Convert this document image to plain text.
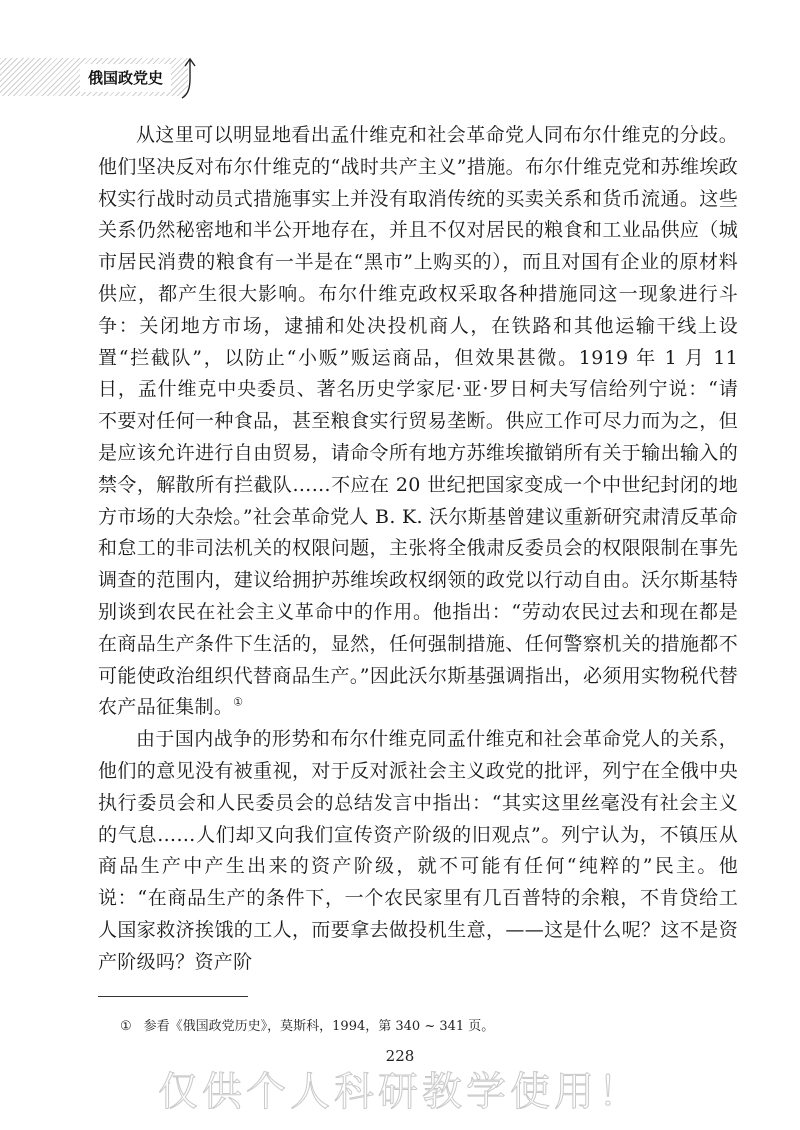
俄国政党史

从这里可以明显地看出孟什维克和社会革命党人同布尔什维克的分歧。他们坚决反对布尔什维克的“战时共产主义”措施。布尔什维克党和苏维埃政权实行战时动员式措施事实上并没有取消传统的买卖关系和货币流通。这些关系仍然秘密地和半公开地存在，并且不仅对居民的粮食和工业品供应（城市居民消费的粮食有一半是在“黑市”上购买的），而且对国有企业的原材料供应，都产生很大影响。布尔什维克政权采取各种措施同这一现象进行斗争：关闭地方市场，逮捕和处决投机商人，在铁路和其他运输干线上设置“拦截队”，以防止“小贩”贩运商品，但效果甚微。1919 年 1 月 11 日，孟什维克中央委员、著名历史学家尼·亚·罗日柯夫写信给列宁说：“请不要对任何一种食品，甚至粮食实行贸易垄断。供应工作可尽力而为之，但是应该允许进行自由贸易，请命令所有地方苏维埃撤销所有关于输出输入的禁令，解散所有拦截队……不应在 20 世纪把国家变成一个中世纪封闭的地方市场的大杂烩。”社会革命党人 B. K. 沃尔斯基曾建议重新研究肃清反革命和怠工的非司法机关的权限问题，主张将全俄肃反委员会的权限限制在事先调查的范围内，建议给拥护苏维埃政权纲领的政党以行动自由。沃尔斯基特别谈到农民在社会主义革命中的作用。他指出：“劳动农民过去和现在都是在商品生产条件下生活的，显然，任何强制措施、任何警察机关的措施都不可能使政治组织代替商品生产。”因此沃尔斯基强调指出，必须用实物税代替农产品征集制。①

由于国内战争的形势和布尔什维克同孟什维克和社会革命党人的关系，他们的意见没有被重视，对于反对派社会主义政党的批评，列宁在全俄中央执行委员会和人民委员会的总结发言中指出：“其实这里丝毫没有社会主义的气息……人们却又向我们宣传资产阶级的旧观点”。列宁认为，不镇压从商品生产中产生出来的资产阶级，就不可能有任何“纯粹的”民主。他说：“在商品生产的条件下，一个农民家里有几百普特的余粮，不肯贷给工人国家救济挨饿的工人，而要拿去做投机生意，——这是什么呢？这不是资产阶级吗？资产阶

① 参看《俄国政党历史》，莫斯科，1994，第 340 ~ 341 页。
228
仅供个人科研教学使用！
